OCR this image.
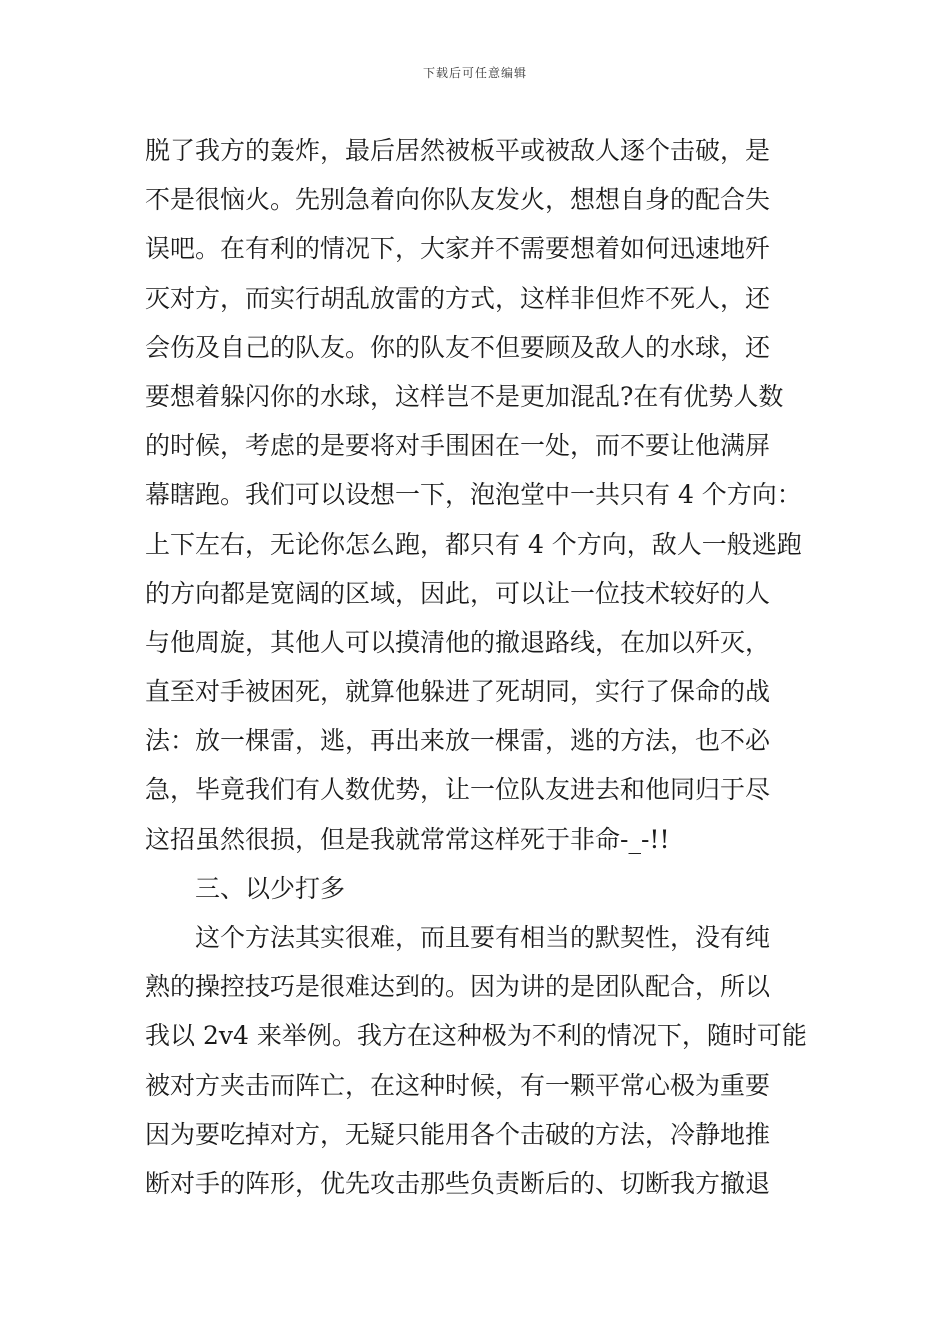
下载后可任意编辑
脱了我方的轰炸，最后居然被板平或被敌人逐个击破，是
不是很恼火。先别急着向你队友发火，想想自身的配合失
误吧。在有利的情况下，大家并不需要想着如何迅速地歼
灭对方，而实行胡乱放雷的方式，这样非但炸不死人，还
会伤及自己的队友。你的队友不但要顾及敌人的水球，还
要想着躲闪你的水球，这样岂不是更加混乱?在有优势人数
的时候，考虑的是要将对手围困在一处，而不要让他满屏
幕瞎跑。我们可以设想一下，泡泡堂中一共只有 4 个方向：
上下左右，无论你怎么跑，都只有 4 个方向，敌人一般逃跑
的方向都是宽阔的区域，因此，可以让一位技术较好的人
与他周旋，其他人可以摸清他的撤退路线，在加以歼灭，
直至对手被困死，就算他躲进了死胡同，实行了保命的战
法：放一棵雷，逃，再出来放一棵雷，逃的方法，也不必
急，毕竟我们有人数优势，让一位队友进去和他同归于尽
这招虽然很损，但是我就常常这样死于非命-_-!!
三、以少打多
这个方法其实很难，而且要有相当的默契性，没有纯
熟的操控技巧是很难达到的。因为讲的是团队配合，所以
我以 2v4 来举例。我方在这种极为不利的情况下，随时可能
被对方夹击而阵亡，在这种时候，有一颗平常心极为重要
因为要吃掉对方，无疑只能用各个击破的方法，冷静地推
断对手的阵形，优先攻击那些负责断后的、切断我方撤退
